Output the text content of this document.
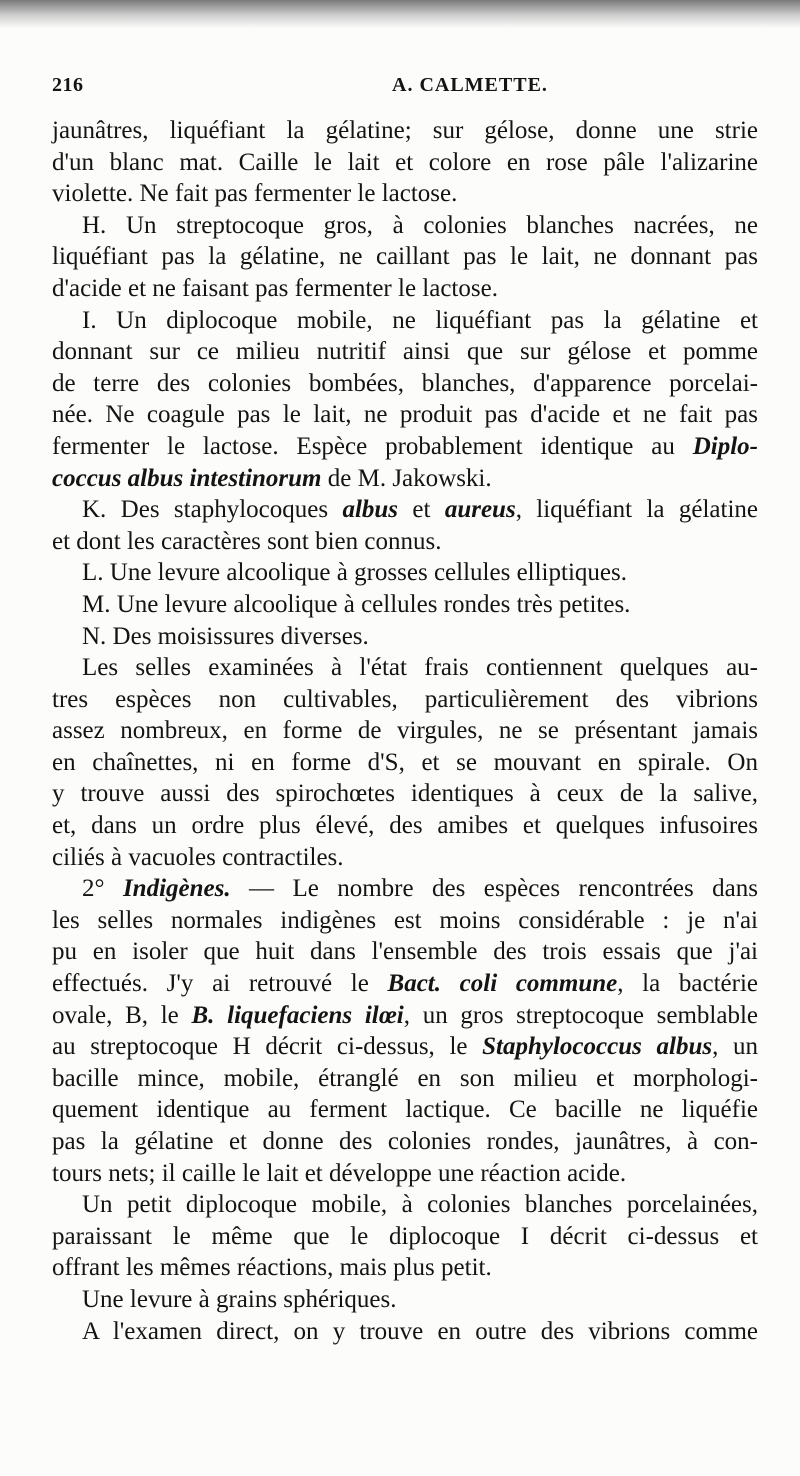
216	A. CALMETTE.
jaunâtres, liquéfiant la gélatine; sur gélose, donne une strie
d'un blanc mat. Caille le lait et colore en rose pâle l'alizarine
violette. Ne fait pas fermenter le lactose.
H. Un streptocoque gros, à colonies blanches nacrées, ne
liquéfiant pas la gélatine, ne caillant pas le lait, ne donnant pas
d'acide et ne faisant pas fermenter le lactose.
I. Un diplocoque mobile, ne liquéfiant pas la gélatine et
donnant sur ce milieu nutritif ainsi que sur gélose et pomme
de terre des colonies bombées, blanches, d'apparence porcelai-
née. Ne coagule pas le lait, ne produit pas d'acide et ne fait pas
fermenter le lactose. Espèce probablement identique au Diplo-
coccus albus intestinorum de M. Jakowski.
K. Des staphylocoques albus et aureus, liquéfiant la gélatine
et dont les caractères sont bien connus.
L. Une levure alcoolique à grosses cellules elliptiques.
M. Une levure alcoolique à cellules rondes très petites.
N. Des moisissures diverses.
Les selles examinées à l'état frais contiennent quelques au-
tres espèces non cultivables, particulièrement des vibrions
assez nombreux, en forme de virgules, ne se présentant jamais
en chaînettes, ni en forme d'S, et se mouvant en spirale. On
y trouve aussi des spirochœtes identiques à ceux de la salive,
et, dans un ordre plus élevé, des amibes et quelques infusoires
ciliés à vacuoles contractiles.
2° Indigènes. — Le nombre des espèces rencontrées dans
les selles normales indigènes est moins considérable : je n'ai
pu en isoler que huit dans l'ensemble des trois essais que j'ai
effectués. J'y ai retrouvé le Bact. coli commune, la bactérie
ovale, B, le B. liquefaciens ilœi, un gros streptocoque semblable
au streptocoque H décrit ci-dessus, le Staphylococcus albus, un
bacille mince, mobile, étranglé en son milieu et morphologi-
quement identique au ferment lactique. Ce bacille ne liquéfie
pas la gélatine et donne des colonies rondes, jaunâtres, à con-
tours nets; il caille le lait et développe une réaction acide.
Un petit diplocoque mobile, à colonies blanches porcelainées,
paraissant le même que le diplocoque I décrit ci-dessus et
offrant les mêmes réactions, mais plus petit.
Une levure à grains sphériques.
A l'examen direct, on y trouve en outre des vibrions comme
